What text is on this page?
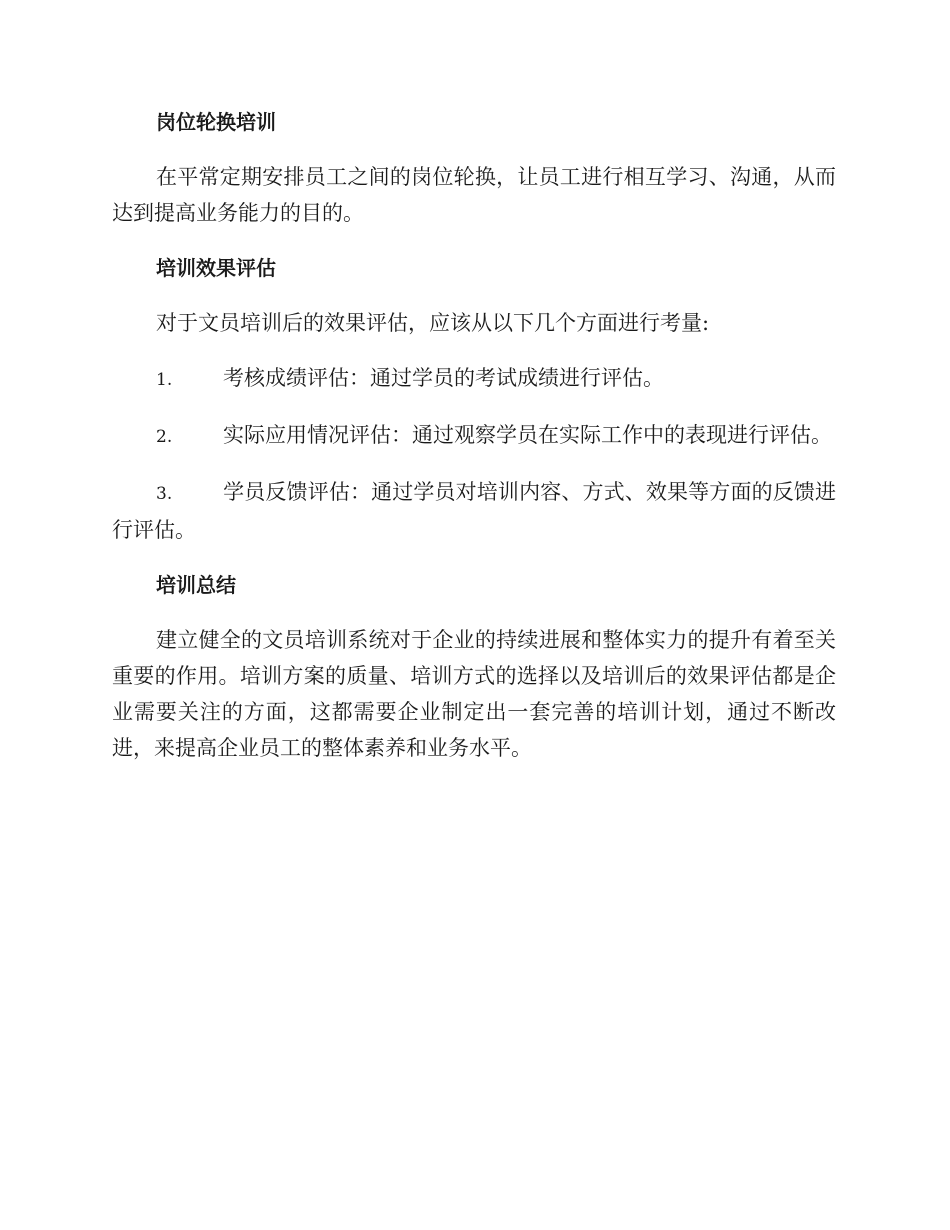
岗位轮换培训
在平常定期安排员工之间的岗位轮换，让员工进行相互学习、沟通，从而达到提高业务能力的目的。
培训效果评估
对于文员培训后的效果评估，应该从以下几个方面进行考量:
1. 考核成绩评估：通过学员的考试成绩进行评估。
2. 实际应用情况评估：通过观察学员在实际工作中的表现进行评估。
3. 学员反馈评估：通过学员对培训内容、方式、效果等方面的反馈进行评估。
培训总结
建立健全的文员培训系统对于企业的持续进展和整体实力的提升有着至关重要的作用。培训方案的质量、培训方式的选择以及培训后的效果评估都是企业需要关注的方面，这都需要企业制定出一套完善的培训计划，通过不断改进，来提高企业员工的整体素养和业务水平。
